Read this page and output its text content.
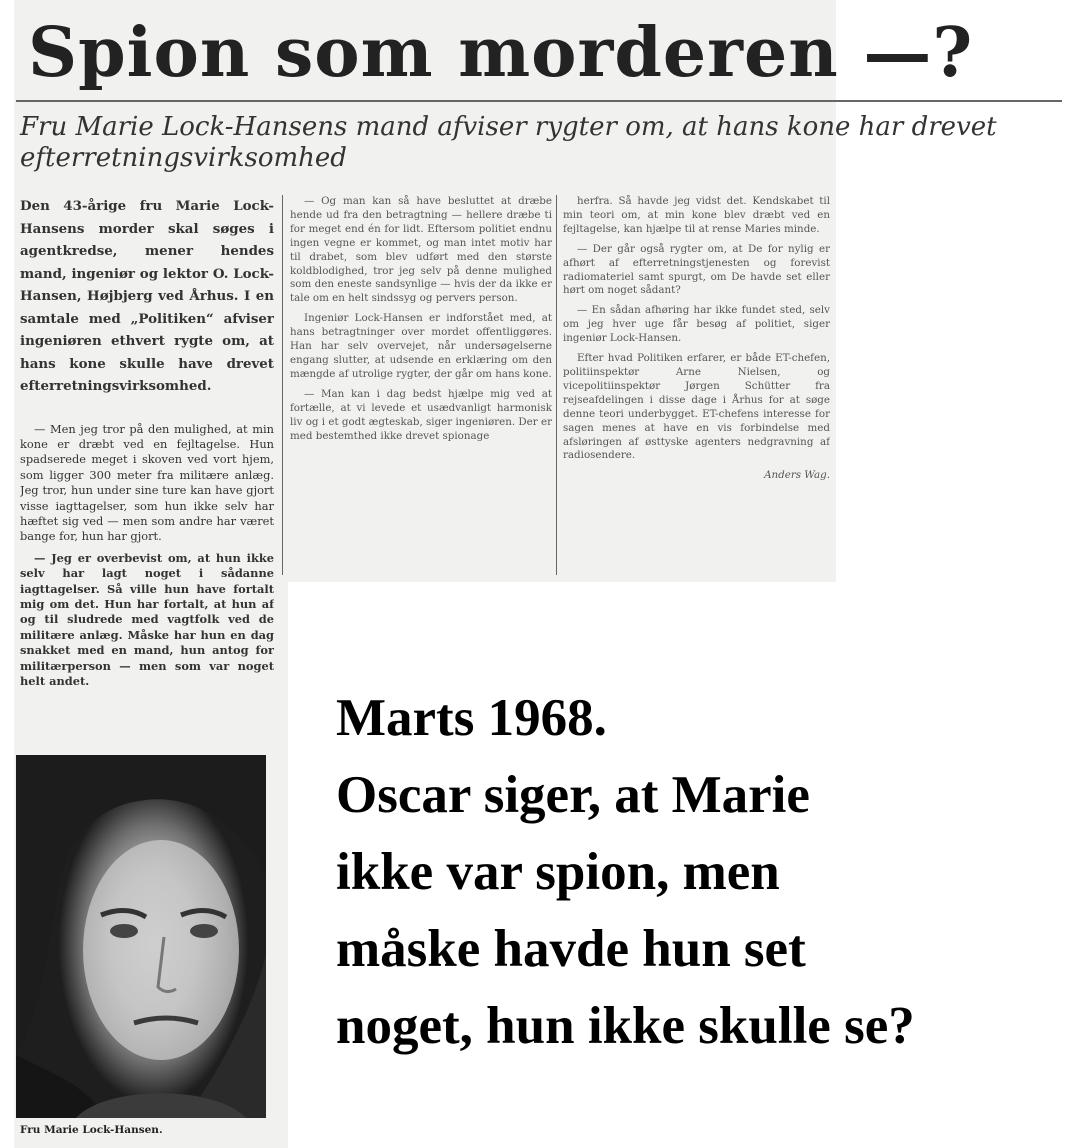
Spion som morderen —?
Fru Marie Lock-Hansens mand afviser rygter om, at hans kone har drevet efterretningsvirksomhed

Den 43-årige fru Marie Lock-Hansens morder skal søges i agentkredse, mener hendes mand, ingeniør og lektor O. Lock-Hansen, Højbjerg ved Århus. I en samtale med „Politiken“ afviser ingeniøren ethvert rygte om, at hans kone skulle have drevet efterretningsvirksomhed.

— Men jeg tror på den mulighed, at min kone er dræbt ved en fejltagelse. Hun spadserede meget i skoven ved vort hjem, som ligger 300 meter fra militære anlæg. Jeg tror, hun under sine ture kan have gjort visse iagttagelser, som hun ikke selv har hæftet sig ved — men som andre har været bange for, hun har gjort.

— Jeg er overbevist om, at hun ikke selv har lagt noget i sådanne iagttagelser. Så ville hun have fortalt mig om det. Hun har fortalt, at hun af og til sludrede med vagtfolk ved de militære anlæg. Måske har hun en dag snakket med en mand, hun antog for militærperson — men som var noget helt andet.

— Og man kan så have besluttet at dræbe hende ud fra den betragtning — hellere dræbe ti for meget end én for lidt. Eftersom politiet endnu ingen vegne er kommet, og man intet motiv har til drabet, som blev udført med den største koldblodighed, tror jeg selv på denne mulighed som den eneste sandsynlige — hvis der da ikke er tale om en helt sindssyg og pervers person.

Ingeniør Lock-Hansen er indforstået med, at hans betragtninger over mordet offentliggøres. Han har selv overvejet, når undersøgelserne engang slutter, at udsende en erklæring om den mængde af utrolige rygter, der går om hans kone.

— Man kan i dag bedst hjælpe mig ved at fortælle, at vi levede et usædvanligt harmonisk liv og i et godt ægteskab, siger ingeniøren. Der er med bestemthed ikke drevet spionage

herfra. Så havde jeg vidst det. Kendskabet til min teori om, at min kone blev dræbt ved en fejltagelse, kan hjælpe til at rense Maries minde.

— Der går også rygter om, at De for nylig er afhørt af efterretningstjenesten og forevist radiomateriel samt spurgt, om De havde set eller hørt om noget sådant?

— En sådan afhøring har ikke fundet sted, selv om jeg hver uge får besøg af politiet, siger ingeniør Lock-Hansen.

Efter hvad Politiken erfarer, er både ET-chefen, politiinspektør Arne Nielsen, og vicepolitiinspektør Jørgen Schütter fra rejseafdelingen i disse dage i Århus for at søge denne teori underbygget. ET-chefens interesse for sagen menes at have en vis forbindelse med afsløringen af østtyske agenters nedgravning af radiosendere.

Anders Wag.
Fru Marie Lock-Hansen.
Marts 1968.
Oscar siger, at Marie
ikke var spion, men
måske havde hun set
noget, hun ikke skulle se?
